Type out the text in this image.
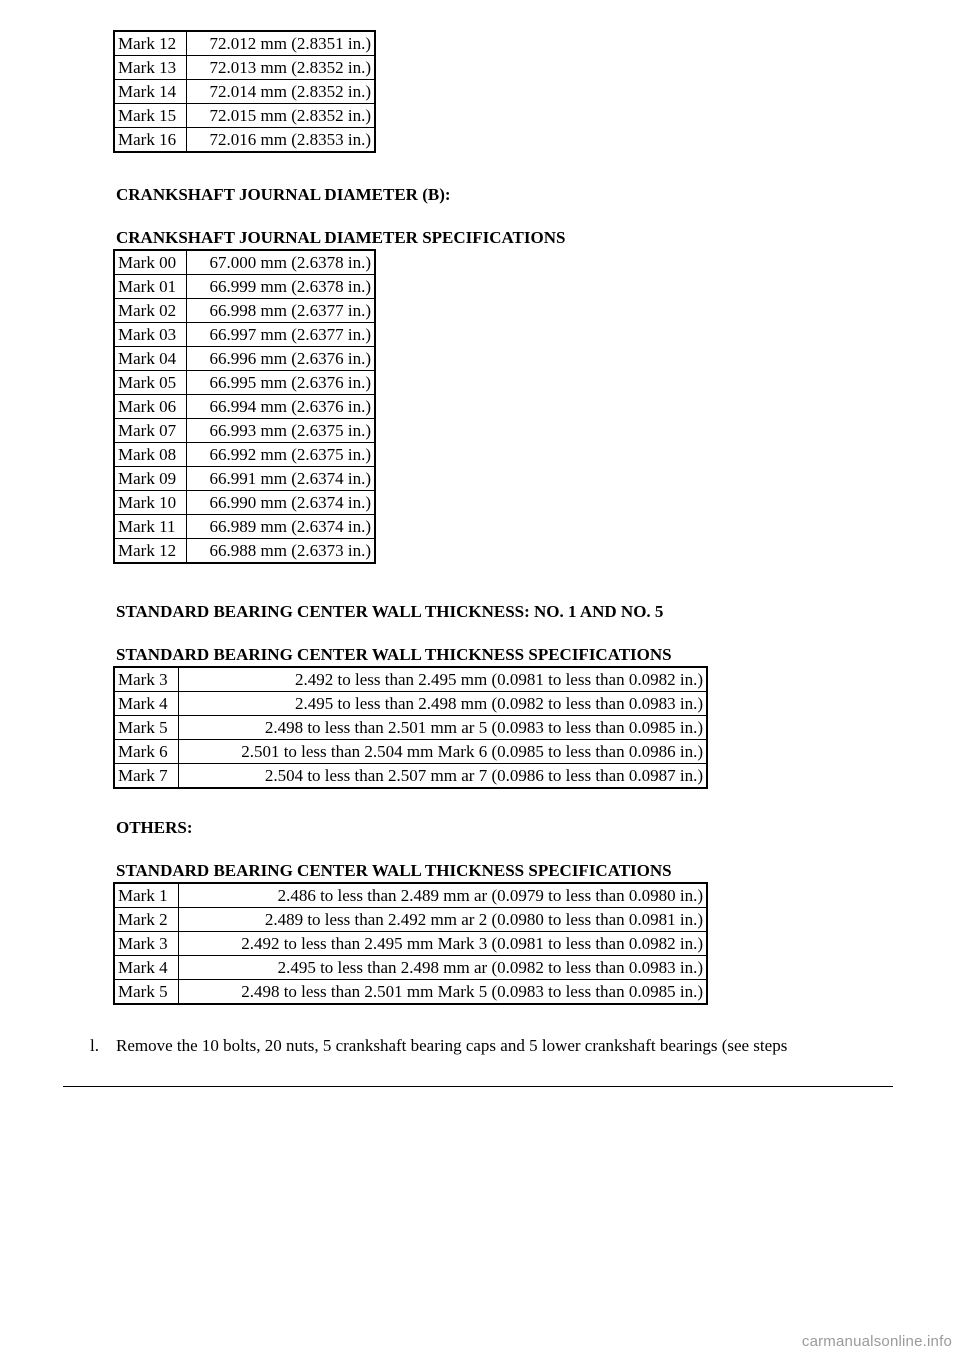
Mark 12	72.012 mm (2.8351 in.)
Mark 13	72.013 mm (2.8352 in.)
Mark 14	72.014 mm (2.8352 in.)
Mark 15	72.015 mm (2.8352 in.)
Mark 16	72.016 mm (2.8353 in.)
CRANKSHAFT JOURNAL DIAMETER (B):
CRANKSHAFT JOURNAL DIAMETER SPECIFICATIONS
Mark 00	67.000 mm (2.6378 in.)
Mark 01	66.999 mm (2.6378 in.)
Mark 02	66.998 mm (2.6377 in.)
Mark 03	66.997 mm (2.6377 in.)
Mark 04	66.996 mm (2.6376 in.)
Mark 05	66.995 mm (2.6376 in.)
Mark 06	66.994 mm (2.6376 in.)
Mark 07	66.993 mm (2.6375 in.)
Mark 08	66.992 mm (2.6375 in.)
Mark 09	66.991 mm (2.6374 in.)
Mark 10	66.990 mm (2.6374 in.)
Mark 11	66.989 mm (2.6374 in.)
Mark 12	66.988 mm (2.6373 in.)
STANDARD BEARING CENTER WALL THICKNESS: NO. 1 AND NO. 5
STANDARD BEARING CENTER WALL THICKNESS SPECIFICATIONS
Mark 3	2.492 to less than 2.495 mm (0.0981 to less than 0.0982 in.)
Mark 4	2.495 to less than 2.498 mm (0.0982 to less than 0.0983 in.)
Mark 5	2.498 to less than 2.501 mm ar 5 (0.0983 to less than 0.0985 in.)
Mark 6	2.501 to less than 2.504 mm Mark 6 (0.0985 to less than 0.0986 in.)
Mark 7	2.504 to less than 2.507 mm ar 7 (0.0986 to less than 0.0987 in.)
OTHERS:
STANDARD BEARING CENTER WALL THICKNESS SPECIFICATIONS
Mark 1	2.486 to less than 2.489 mm ar (0.0979 to less than 0.0980 in.)
Mark 2	2.489 to less than 2.492 mm ar 2 (0.0980 to less than 0.0981 in.)
Mark 3	2.492 to less than 2.495 mm Mark 3 (0.0981 to less than 0.0982 in.)
Mark 4	2.495 to less than 2.498 mm ar (0.0982 to less than 0.0983 in.)
Mark 5	2.498 to less than 2.501 mm Mark 5 (0.0983 to less than 0.0985 in.)
l. Remove the 10 bolts, 20 nuts, 5 crankshaft bearing caps and 5 lower crankshaft bearings (see steps
carmanualsonline.info
